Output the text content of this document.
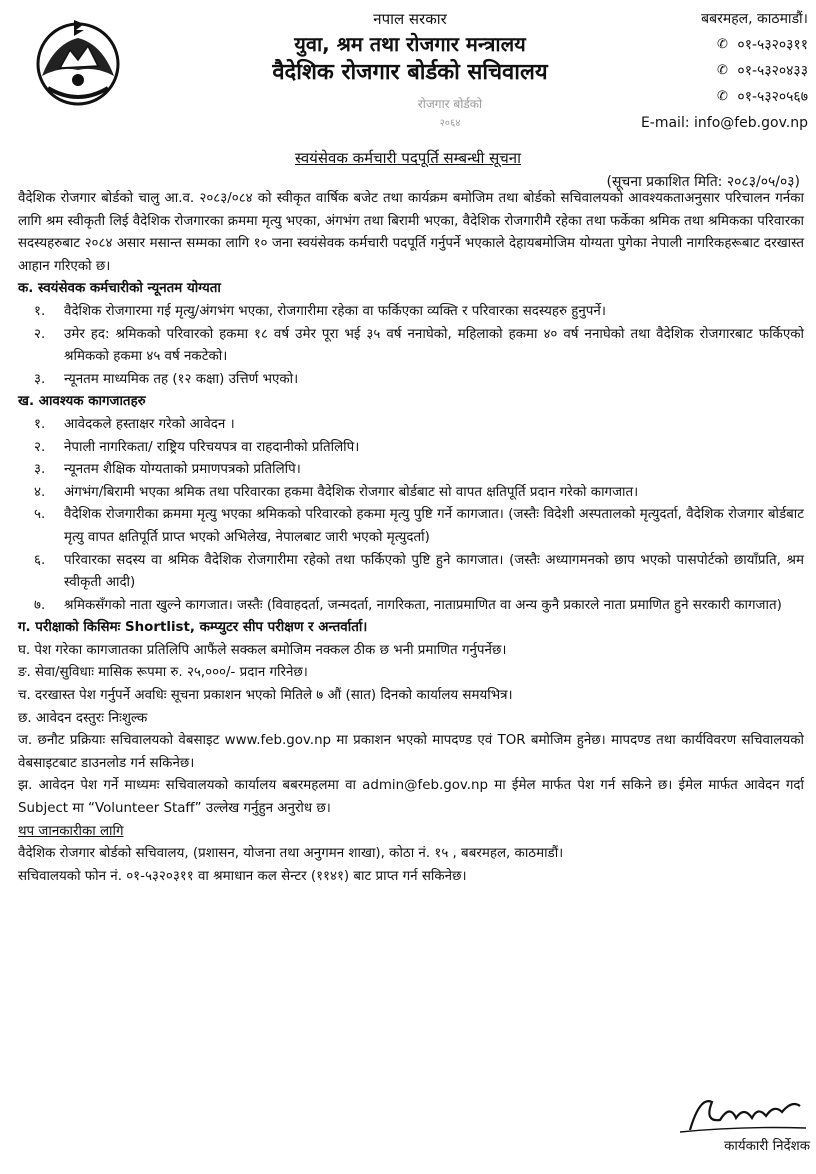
नपाल सरकार
युवा, श्रम तथा रोजगार मन्त्रालय
वैदेशिक रोजगार बोर्डको सचिवालय
रोजगार बोर्डको
२०६४
बबरमहल, काठमाडौं।
✆ ०१-५३२०३११
✆ ०१-५३२०४३३
✆ ०१-५३२०५६७
E-mail: info@feb.gov.np
स्वयंसेवक कर्मचारी पदपूर्ति सम्बन्धी सूचना
(सूचना प्रकाशित मिति: २०८३/०५/०३)

वैदेशिक रोजगार बोर्डको चालु आ.व. २०८३/०८४ को स्वीकृत वार्षिक बजेट तथा कार्यक्रम बमोजिम तथा बोर्डको सचिवालयको आवश्यकताअनुसार परिचालन गर्नका लागि श्रम स्वीकृती लिई वैदेशिक रोजगारका क्रममा मृत्यु भएका, अंगभंग तथा बिरामी भएका, वैदेशिक रोजगारीमै रहेका तथा फर्केका श्रमिक तथा श्रमिकका परिवारका सदस्यहरुबाट २०८४ असार मसान्त सम्मका लागि १० जना स्वयंसेवक कर्मचारी पदपूर्ति गर्नुपर्ने भएकाले देहायबमोजिम योग्यता पुगेका नेपाली नागरिकहरूबाट दरखास्त आहान गरिएको छ।

क. स्वयंसेवक कर्मचारीको न्यूनतम योग्यता

१.	वैदेशिक रोजगारमा गई मृत्यु/अंगभंग भएका, रोजगारीमा रहेका वा फर्किएका व्यक्ति र परिवारका सदस्यहरु हुनुपर्ने।
२.	उमेर हद: श्रमिकको परिवारको हकमा १८ वर्ष उमेर पूरा भई ३५ वर्ष ननाघेको, महिलाको हकमा ४० वर्ष ननाघेको तथा वैदेशिक रोजगारबाट फर्किएको श्रमिकको हकमा ४५ वर्ष नकटेको।
३.	न्यूनतम माध्यमिक तह (१२ कक्षा) उत्तिर्ण भएको।

ख. आवश्यक कागजातहरु

१.	आवेदकले हस्ताक्षर गरेको आवेदन ।
२.	नेपाली नागरिकता/ राष्ट्रिय परिचयपत्र वा राहदानीको प्रतिलिपि।
३.	न्यूनतम शैक्षिक योग्यताको प्रमाणपत्रको प्रतिलिपि।
४.	अंगभंग/बिरामी भएका श्रमिक तथा परिवारका हकमा वैदेशिक रोजगार बोर्डबाट सो वापत क्षतिपूर्ति प्रदान गरेको कागजात।
५.	वैदेशिक रोजगारीका क्रममा मृत्यु भएका श्रमिकको परिवारको हकमा मृत्यु पुष्टि गर्ने कागजात। (जस्तैः विदेशी अस्पतालको मृत्युदर्ता, वैदेशिक रोजगार बोर्डबाट मृत्यु वापत क्षतिपूर्ति प्राप्त भएको अभिलेख, नेपालबाट जारी भएको मृत्युदर्ता)
६.	परिवारका सदस्य वा श्रमिक वैदेशिक रोजगारीमा रहेको तथा फर्किएको पुष्टि हुने कागजात। (जस्तैः अध्यागमनको छाप भएको पासपोर्टको छायाँप्रति, श्रम स्वीकृती आदी)
७.	श्रमिकसँगको नाता खुल्ने कागजात। जस्तैः (विवाहदर्ता, जन्मदर्ता, नागरिकता, नाताप्रमाणित वा अन्य कुनै प्रकारले नाता प्रमाणित हुने सरकारी कागजात)

ग. परीक्षाको किसिमः Shortlist, कम्प्युटर सीप परीक्षण र अन्तर्वार्ता।

घ. पेश गरेका कागजातका प्रतिलिपि आफैंले सक्कल बमोजिम नक्कल ठीक छ भनी प्रमाणित गर्नुपर्नेछ।

ङ. सेवा/सुविधाः मासिक रूपमा रु. २५,०००/- प्रदान गरिनेछ।

च. दरखास्त पेश गर्नुपर्ने अवधिः सूचना प्रकाशन भएको मितिले ७ औं (सात) दिनको कार्यालय समयभित्र।

छ. आवेदन दस्तुरः निःशुल्क

ज. छनौट प्रक्रियाः सचिवालयको वेबसाइट www.feb.gov.np मा प्रकाशन भएको मापदण्ड एवं TOR बमोजिम हुनेछ। मापदण्ड तथा कार्यविवरण सचिवालयको वेबसाइटबाट डाउनलोड गर्न सकिनेछ।

झ. आवेदन पेश गर्ने माध्यमः सचिवालयको कार्यालय बबरमहलमा वा admin@feb.gov.np मा ईमेल मार्फत पेश गर्न सकिने छ। ईमेल मार्फत आवेदन गर्दा Subject मा “Volunteer Staff” उल्लेख गर्नुहुन अनुरोध छ।

थप जानकारीका लागि

वैदेशिक रोजगार बोर्डको सचिवालय, (प्रशासन, योजना तथा अनुगमन शाखा), कोठा नं. १५ , बबरमहल, काठमाडौं।

सचिवालयको फोन नं. ०१-५३२०३११ वा श्रमाधान कल सेन्टर (११४१) बाट प्राप्त गर्न सकिनेछ।

कार्यकारी निर्देशक
